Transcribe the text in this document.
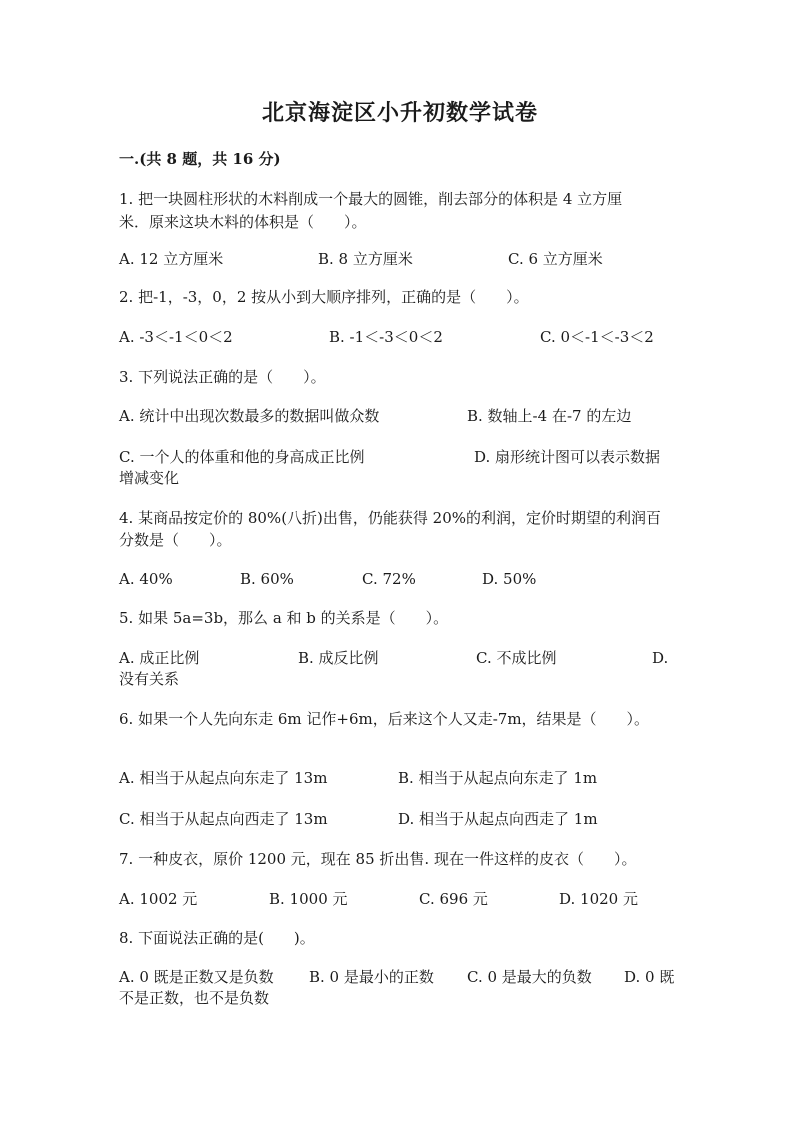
北京海淀区小升初数学试卷
一.(共 8 题，共 16 分)
1. 把一块圆柱形状的木料削成一个最大的圆锥，削去部分的体积是 4 立方厘
米．原来这块木料的体积是（　　）。
A. 12 立方厘米	B. 8 立方厘米	C. 6 立方厘米
2. 把-1，-3，0，2 按从小到大顺序排列，正确的是（　　）。
A. -3＜-1＜0＜2	B. -1＜-3＜0＜2	C. 0＜-1＜-3＜2
3. 下列说法正确的是（　　）。
A. 统计中出现次数最多的数据叫做众数	B. 数轴上-4 在-7 的左边
C. 一个人的体重和他的身高成正比例	D. 扇形统计图可以表示数据
增减变化
4. 某商品按定价的 80%(八折)出售，仍能获得 20%的利润，定价时期望的利润百
分数是（　　）。
A. 40%	B. 60%	C. 72%	D. 50%
5. 如果 5a=3b，那么 a 和 b 的关系是（　　）。
A. 成正比例	B. 成反比例	C. 不成比例	D.
没有关系
6. 如果一个人先向东走 6m 记作+6m，后来这个人又走-7m，结果是（　　）。
A. 相当于从起点向东走了 13m	B. 相当于从起点向东走了 1m
C. 相当于从起点向西走了 13m	D. 相当于从起点向西走了 1m
7. 一种皮衣，原价 1200 元，现在 85 折出售. 现在一件这样的皮衣（　　）。
A. 1002 元	B. 1000 元	C. 696 元	D. 1020 元
8. 下面说法正确的是(　　)。
A. 0 既是正数又是负数 B. 0 是最小的正数 C. 0 是最大的负数 D. 0 既
不是正数，也不是负数
